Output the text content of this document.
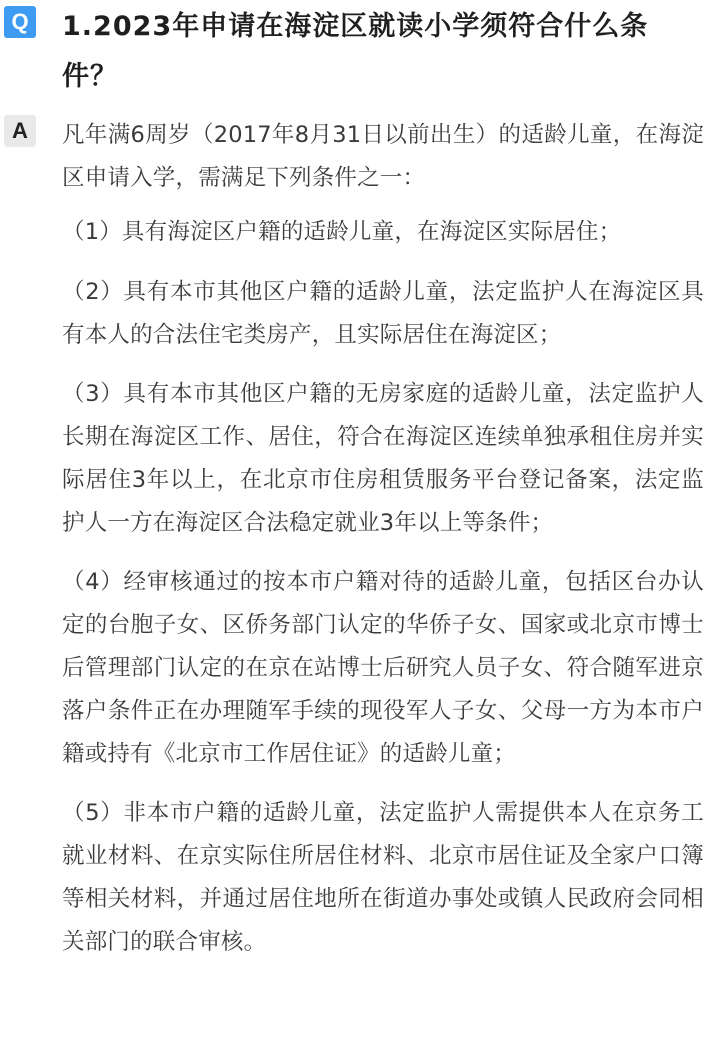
Q 1.2023年申请在海淀区就读小学须符合什么条件？
A	凡年满6周岁（2017年8月31日以前出生）的适龄儿童，在海淀区申请入学，需满足下列条件之一：

（1）具有海淀区户籍的适龄儿童，在海淀区实际居住；

（2）具有本市其他区户籍的适龄儿童，法定监护人在海淀区具有本人的合法住宅类房产，且实际居住在海淀区；

（3）具有本市其他区户籍的无房家庭的适龄儿童，法定监护人长期在海淀区工作、居住，符合在海淀区连续单独承租住房并实际居住3年以上，在北京市住房租赁服务平台登记备案，法定监护人一方在海淀区合法稳定就业3年以上等条件；

（4）经审核通过的按本市户籍对待的适龄儿童，包括区台办认定的台胞子女、区侨务部门认定的华侨子女、国家或北京市博士后管理部门认定的在京在站博士后研究人员子女、符合随军进京落户条件正在办理随军手续的现役军人子女、父母一方为本市户籍或持有《北京市工作居住证》的适龄儿童；

（5）非本市户籍的适龄儿童，法定监护人需提供本人在京务工就业材料、在京实际住所居住材料、北京市居住证及全家户口簿等相关材料，并通过居住地所在街道办事处或镇人民政府会同相关部门的联合审核。
